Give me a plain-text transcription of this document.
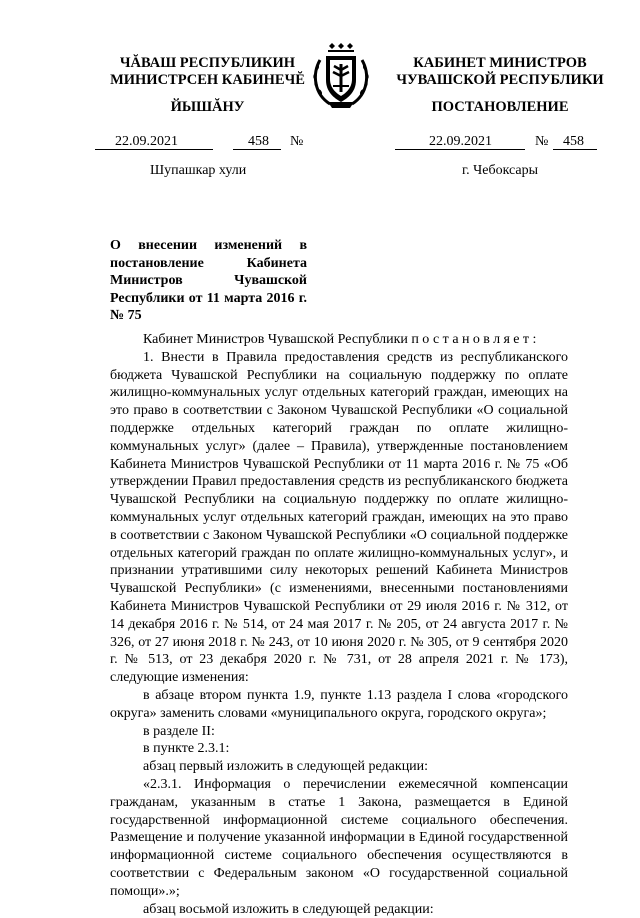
ЧĂВАШ РЕСПУБЛИКИН
МИНИСТРСЕН КАБИНЕЧĔ
ЙЫШĂНУ
КАБИНЕТ МИНИСТРОВ
ЧУВАШСКОЙ РЕСПУБЛИКИ
ПОСТАНОВЛЕНИЕ
22.09.2021	458 №	22.09.2021	№ 458
Шупашкар хули	г. Чебоксары
О внесении изменений в постановление Кабинета Министров Чувашской Республики от 11 марта 2016 г. № 75

Кабинет Министров Чувашской Республики постановляет:

1. Внести в Правила предоставления средств из республиканского бюджета Чувашской Республики на социальную поддержку по оплате жилищно-коммунальных услуг отдельных категорий граждан, имеющих на это право в соответствии с Законом Чувашской Республики «О социальной поддержке отдельных категорий граждан по оплате жилищно-коммунальных услуг» (далее – Правила), утвержденные постановлением Кабинета Министров Чувашской Республики от 11 марта 2016 г. № 75 «Об утверждении Правил предоставления средств из республиканского бюджета Чувашской Республики на социальную поддержку по оплате жилищно-коммунальных услуг отдельных категорий граждан, имеющих на это право в соответствии с Законом Чувашской Республики «О социальной поддержке отдельных категорий граждан по оплате жилищно-коммунальных услуг», и признании утратившими силу некоторых решений Кабинета Министров Чувашской Республики» (с изменениями, внесенными постановлениями Кабинета Министров Чувашской Республики от 29 июля 2016 г. № 312, от 14 декабря 2016 г. № 514, от 24 мая 2017 г. № 205, от 24 августа 2017 г. № 326, от 27 июня 2018 г. № 243, от 10 июня 2020 г. № 305, от 9 сентября 2020 г. № 513, от 23 декабря 2020 г. № 731, от 28 апреля 2021 г. № 173), следующие изменения:

в абзаце втором пункта 1.9, пункте 1.13 раздела I слова «городского округа» заменить словами «муниципального округа, городского округа»;

в разделе II:

в пункте 2.3.1:

абзац первый изложить в следующей редакции:

«2.3.1. Информация о перечислении ежемесячной компенсации гражданам, указанным в статье 1 Закона, размещается в Единой государственной информационной системе социального обеспечения. Размещение и получение указанной информации в Единой государственной информационной системе социального обеспечения осуществляются в соответствии с Федеральным законом «О государственной социальной помощи».»;

абзац восьмой изложить в следующей редакции:
